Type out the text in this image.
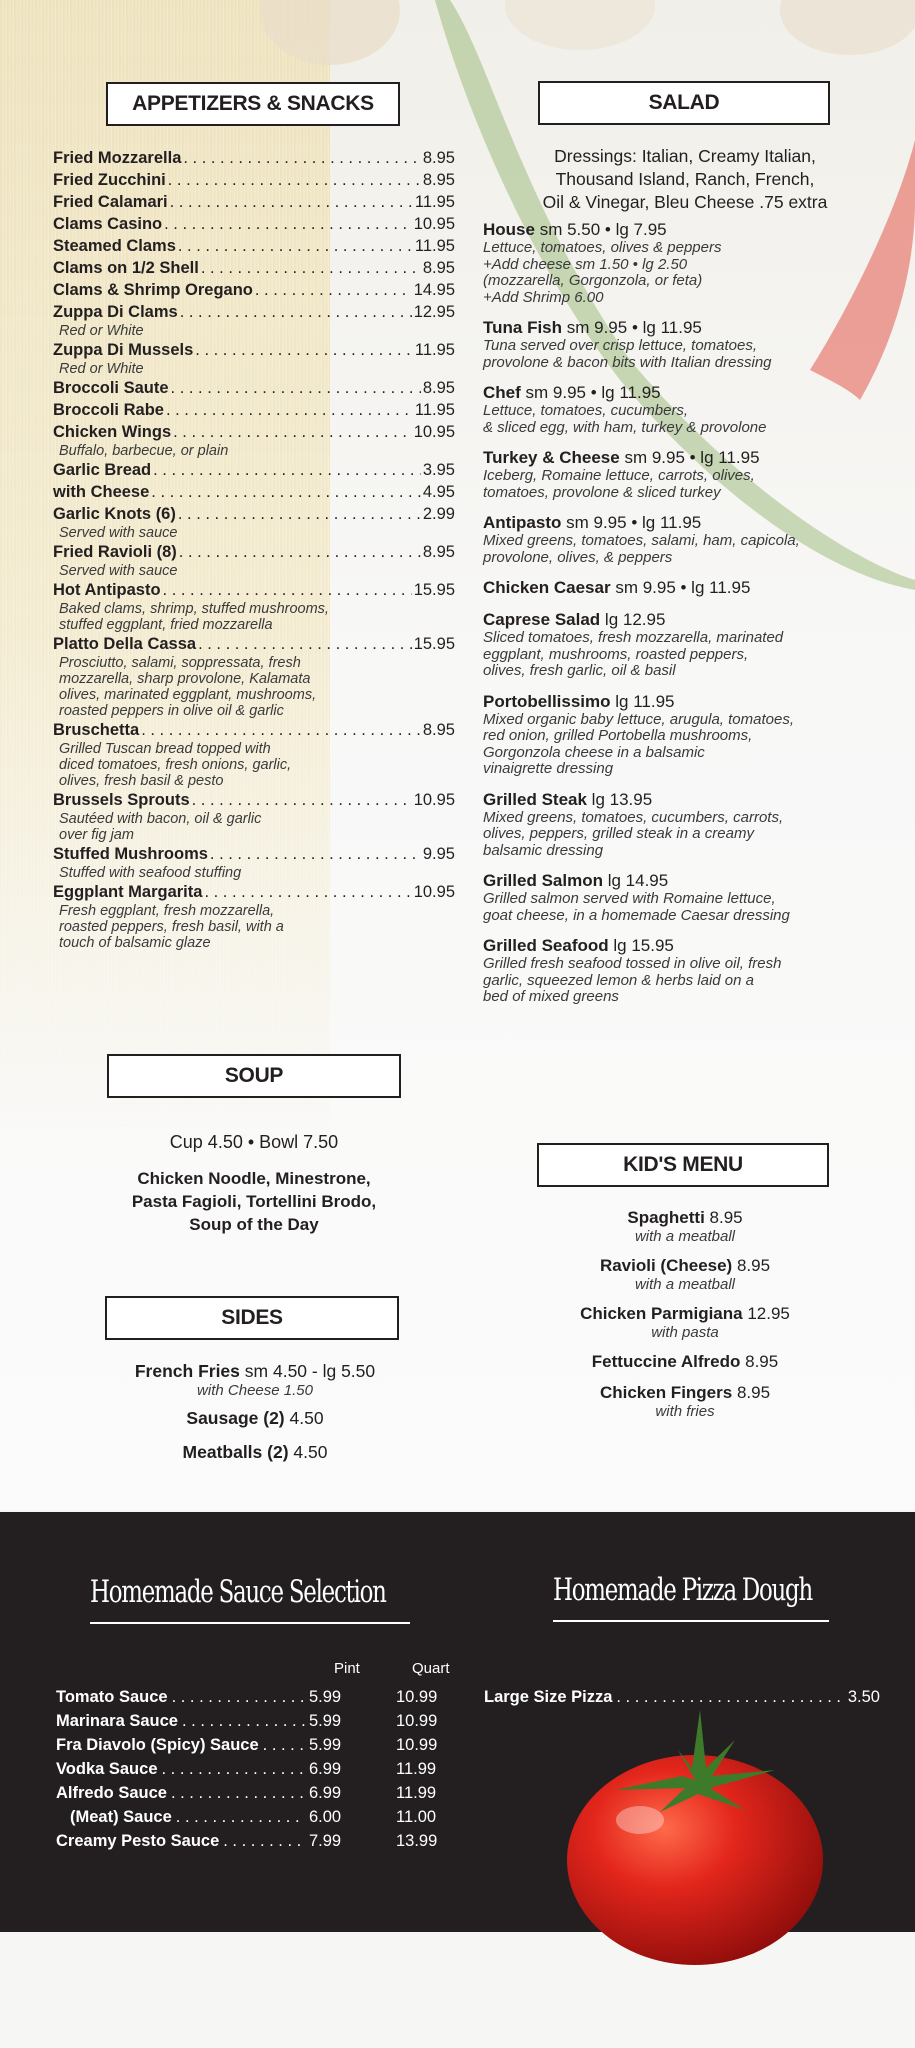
APPETIZERS & SNACKS
Fried Mozzarella . . .	8.95
Fried Zucchini . . .	8.95
Fried Calamari . . .	11.95
Clams Casino . . .	10.95
Steamed Clams . . .	11.95
Clams on 1/2 Shell . . .	8.95
Clams & Shrimp Oregano . . .	14.95
Zuppa Di Clams . . .	12.95
Red or White
Zuppa Di Mussels . . .	11.95
Red or White
Broccoli Saute . . .	8.95
Broccoli Rabe . . .	11.95
Chicken Wings . . .	10.95
Buffalo, barbecue, or plain
Garlic Bread . . .	3.95
with Cheese . . .	4.95
Garlic Knots (6) . . .	2.99
Served with sauce
Fried Ravioli (8) . . .	8.95
Served with sauce
Hot Antipasto . . .	15.95
Baked clams, shrimp, stuffed mushrooms,
stuffed eggplant, fried mozzarella
Platto Della Cassa . . .	15.95
Prosciutto, salami, soppressata, fresh
mozzarella, sharp provolone, Kalamata
olives, marinated eggplant, mushrooms,
roasted peppers in olive oil & garlic
Bruschetta . . .	8.95
Grilled Tuscan bread topped with
diced tomatoes, fresh onions, garlic,
olives, fresh basil & pesto
Brussels Sprouts . . .	10.95
Sautéed with bacon, oil & garlic
over fig jam
Stuffed Mushrooms . . .	9.95
Stuffed with seafood stuffing
Eggplant Margarita . . .	10.95
Fresh eggplant, fresh mozzarella,
roasted peppers, fresh basil, with a
touch of balsamic glaze
SALAD
Dressings: Italian, Creamy Italian,
Thousand Island, Ranch, French,
Oil & Vinegar, Bleu Cheese .75 extra
House sm 5.50 • lg 7.95
Lettuce, tomatoes, olives & peppers
+Add cheese sm 1.50 • lg 2.50
(mozzarella, Gorgonzola, or feta)
+Add Shrimp 6.00
Tuna Fish sm 9.95 • lg 11.95
Tuna served over crisp lettuce, tomatoes,
provolone & bacon bits with Italian dressing
Chef sm 9.95 • lg 11.95
Lettuce, tomatoes, cucumbers,
& sliced egg, with ham, turkey & provolone
Turkey & Cheese sm 9.95 • lg 11.95
Iceberg, Romaine lettuce, carrots, olives,
tomatoes, provolone & sliced turkey
Antipasto sm 9.95 • lg 11.95
Mixed greens, tomatoes, salami, ham, capicola,
provolone, olives, & peppers
Chicken Caesar sm 9.95 • lg 11.95
Caprese Salad lg 12.95
Sliced tomatoes, fresh mozzarella, marinated
eggplant, mushrooms, roasted peppers,
olives, fresh garlic, oil & basil
Portobellissimo lg 11.95
Mixed organic baby lettuce, arugula, tomatoes,
red onion, grilled Portobella mushrooms,
Gorgonzola cheese in a balsamic
vinaigrette dressing
Grilled Steak lg 13.95
Mixed greens, tomatoes, cucumbers, carrots,
olives, peppers, grilled steak in a creamy
balsamic dressing
Grilled Salmon lg 14.95
Grilled salmon served with Romaine lettuce,
goat cheese, in a homemade Caesar dressing
Grilled Seafood lg 15.95
Grilled fresh seafood tossed in olive oil, fresh
garlic, squeezed lemon & herbs laid on a
bed of mixed greens
SOUP
Cup 4.50 • Bowl 7.50
Chicken Noodle, Minestrone,
Pasta Fagioli, Tortellini Brodo,
Soup of the Day
SIDES
French Fries sm 4.50 - lg 5.50
with Cheese 1.50
Sausage (2) 4.50
Meatballs (2) 4.50
KID'S MENU
Spaghetti 8.95
with a meatball
Ravioli (Cheese) 8.95
with a meatball
Chicken Parmigiana 12.95
with pasta
Fettuccine Alfredo 8.95
Chicken Fingers 8.95
with fries
Homemade Sauce Selection	Homemade Pizza Dough
Pint	Quart
Tomato Sauce . . .	5.99	10.99
Marinara Sauce . . .	5.99	10.99
Fra Diavolo (Spicy) Sauce . . .	5.99	10.99
Vodka Sauce . . .	6.99	11.99
Alfredo Sauce . . .	6.99	11.99
(Meat) Sauce . . .	6.00	11.00
Creamy Pesto Sauce . . .	7.99	13.99
Large Size Pizza . . .	3.50
